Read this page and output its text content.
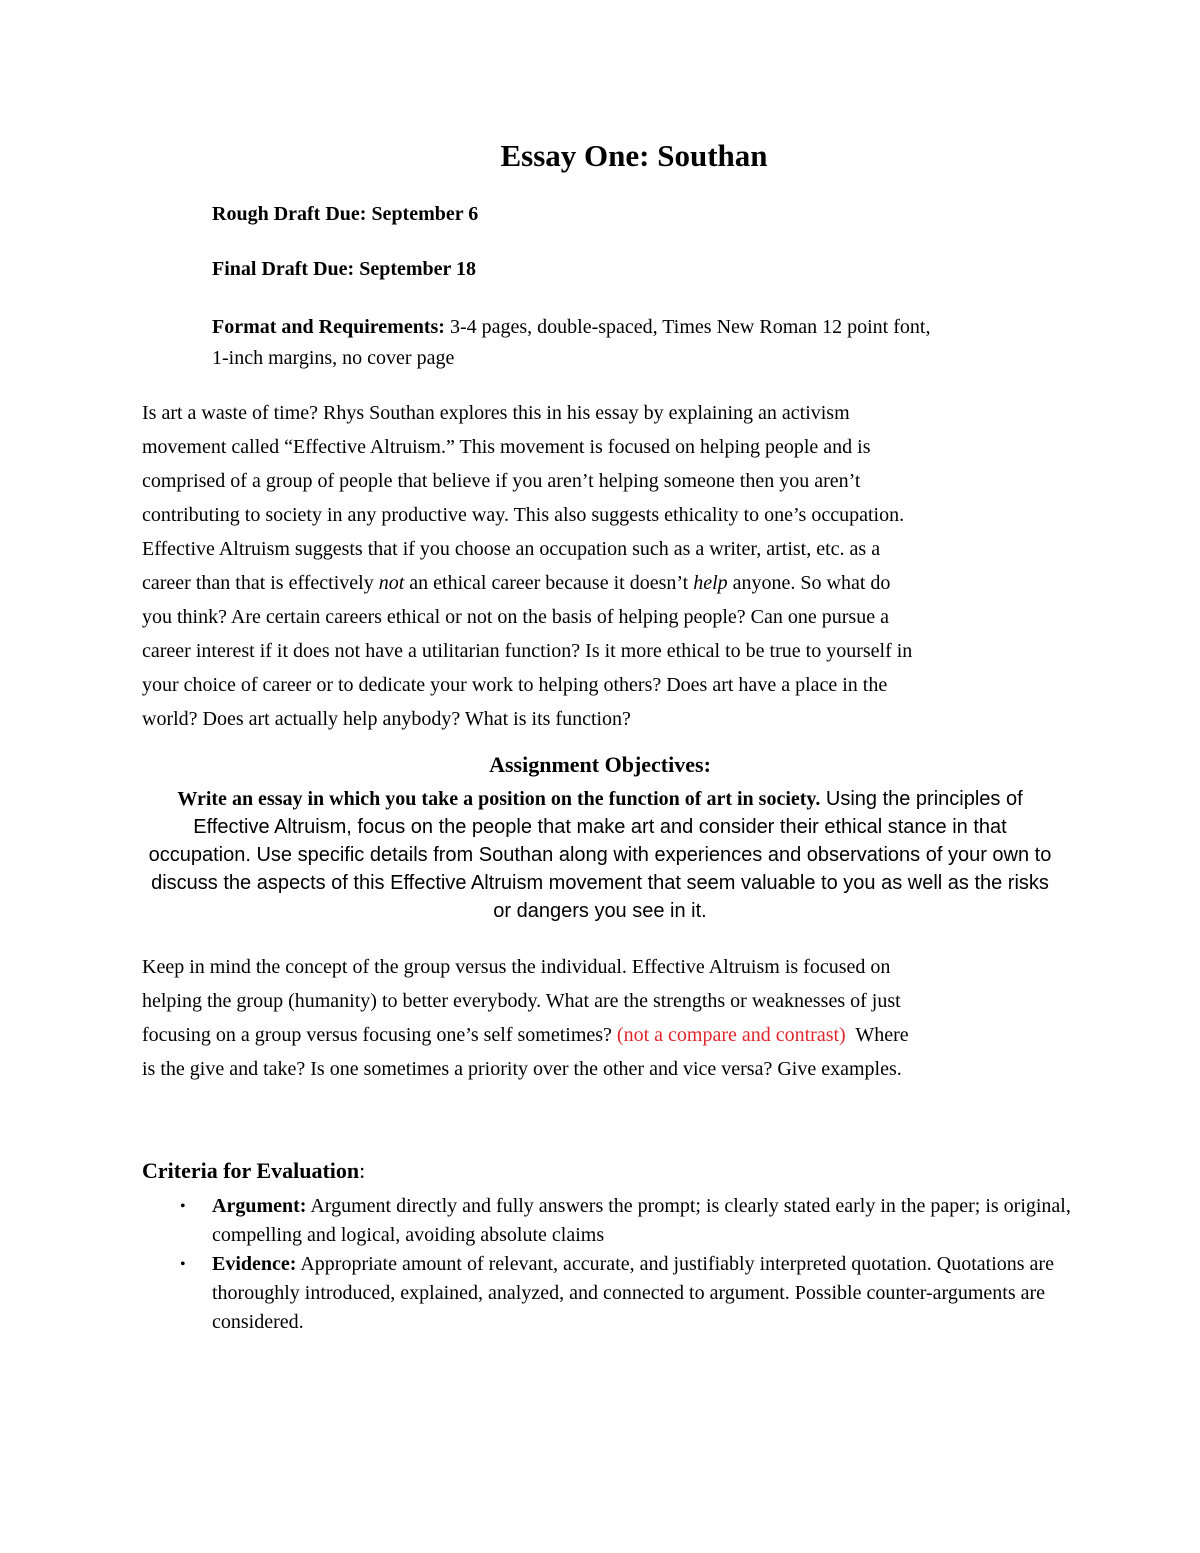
Essay One: Southan

Rough Draft Due: September 6

Final Draft Due: September 18

Format and Requirements: 3-4 pages, double-spaced, Times New Roman 12 point font,
1-inch margins, no cover page

Is art a waste of time? Rhys Southan explores this in his essay by explaining an activism
movement called “Effective Altruism.” This movement is focused on helping people and is
comprised of a group of people that believe if you aren’t helping someone then you aren’t
contributing to society in any productive way. This also suggests ethicality to one’s occupation.
Effective Altruism suggests that if you choose an occupation such as a writer, artist, etc. as a
career than that is effectively not an ethical career because it doesn’t help anyone. So what do
you think? Are certain careers ethical or not on the basis of helping people? Can one pursue a
career interest if it does not have a utilitarian function? Is it more ethical to be true to yourself in
your choice of career or to dedicate your work to helping others? Does art have a place in the
world? Does art actually help anybody? What is its function?

Assignment Objectives:

Write an essay in which you take a position on the function of art in society. Using the principles of Effective Altruism, focus on the people that make art and consider their ethical stance in that occupation. Use specific details from Southan along with experiences and observations of your own to discuss the aspects of this Effective Altruism movement that seem valuable to you as well as the risks or dangers you see in it.

Keep in mind the concept of the group versus the individual. Effective Altruism is focused on
helping the group (humanity) to better everybody. What are the strengths or weaknesses of just
focusing on a group versus focusing one’s self sometimes? (not a compare and contrast)  Where
is the give and take? Is one sometimes a priority over the other and vice versa? Give examples.

Criteria for Evaluation:
• Argument: Argument directly and fully answers the prompt; is clearly stated early in the paper; is original, compelling and logical, avoiding absolute claims
• Evidence: Appropriate amount of relevant, accurate, and justifiably interpreted quotation. Quotations are thoroughly introduced, explained, analyzed, and connected to argument. Possible counter-arguments are considered.
